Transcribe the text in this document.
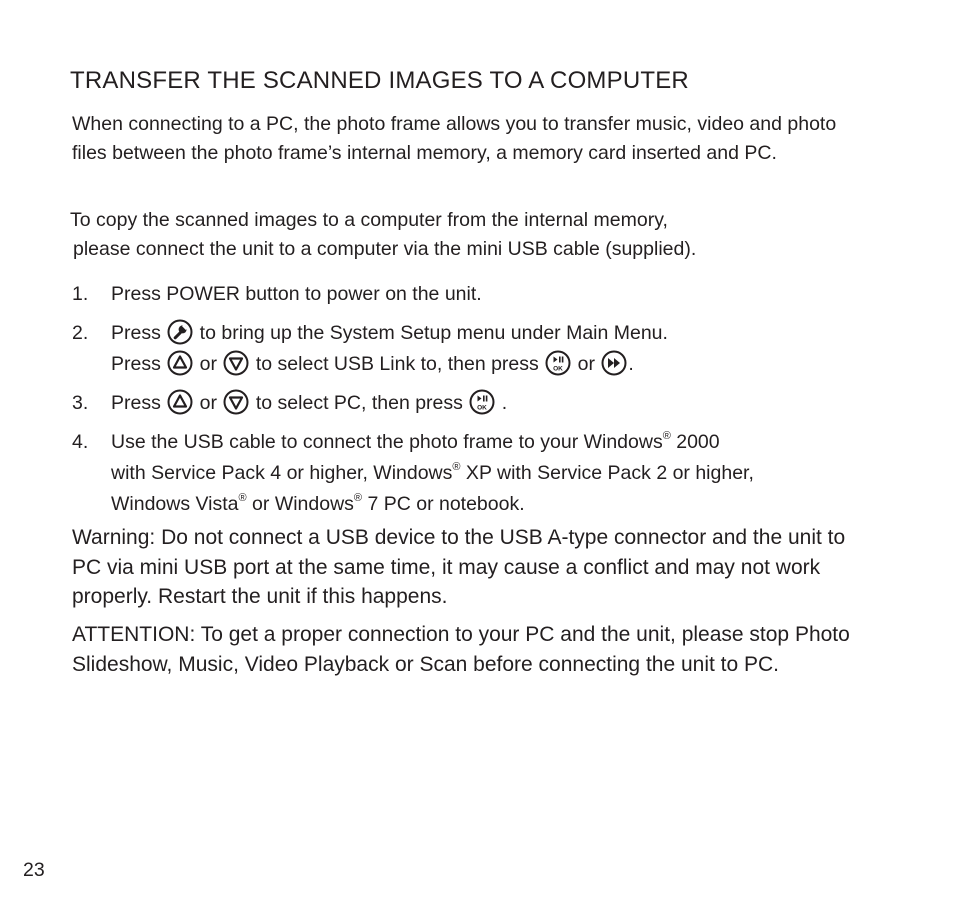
TRANSFER THE SCANNED IMAGES TO A COMPUTER

When connecting to a PC, the photo frame allows you to transfer music, video and photo files between the photo frame’s internal memory, a memory card inserted and PC.

To copy the scanned images to a computer from the internal memory,
please connect the unit to a computer via the mini USB cable (supplied).

1. Press POWER button to power on the unit.
2. Press
to bring up the System Setup menu under Main Menu.
Press
or
to select USB Link to, then press OK or
.
3. Press
or
to select PC, then press OK .
4. Use the USB cable to connect the photo frame to your Windows® 2000
with Service Pack 4 or higher, Windows® XP with Service Pack 2 or higher,
Windows Vista® or Windows® 7 PC or notebook.

Warning: Do not connect a USB device to the USB A-type connector and the unit to PC via mini USB port at the same time, it may cause a conflict and may not work properly. Restart the unit if this happens.

ATTENTION: To get a proper connection to your PC and the unit, please stop Photo Slideshow, Music, Video Playback or Scan before connecting the unit to PC.

23
